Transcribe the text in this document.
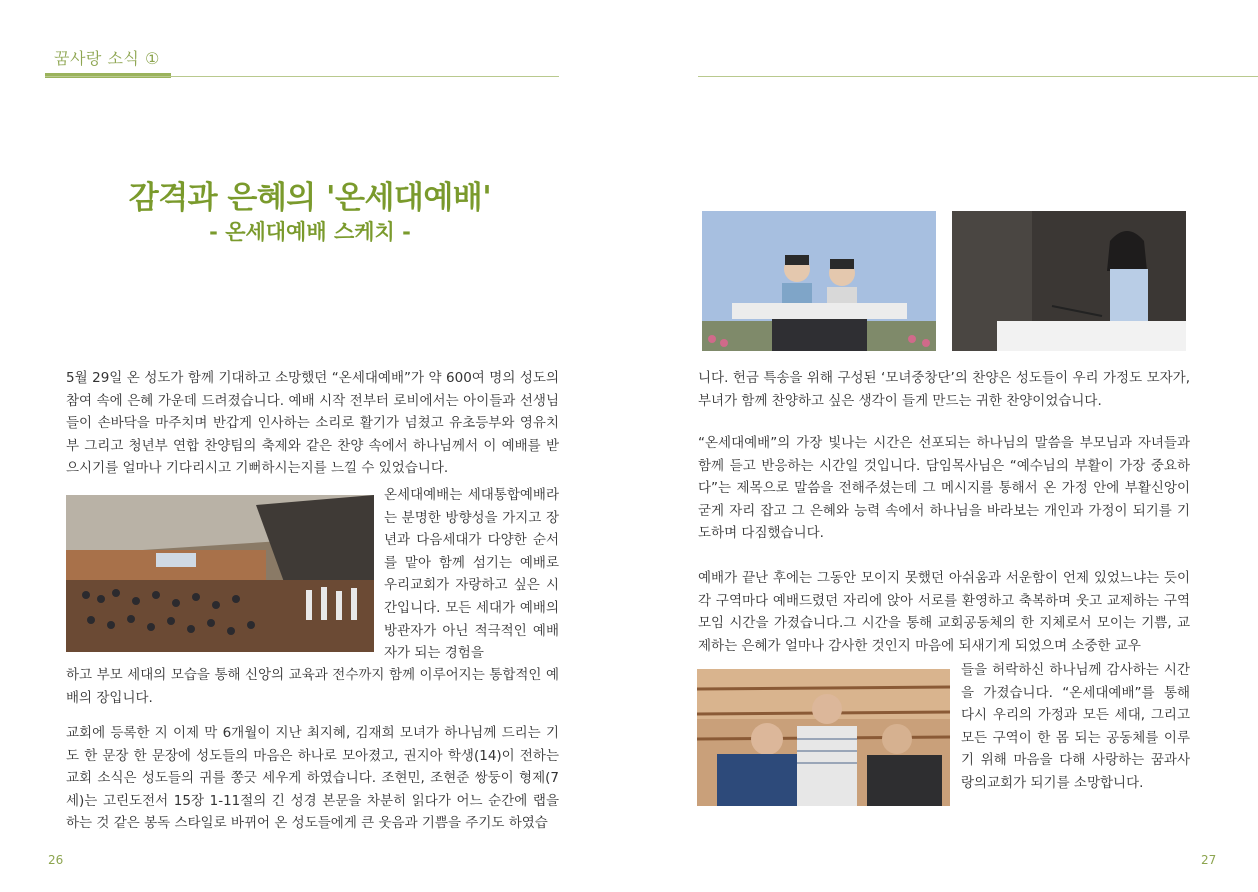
꿈사랑 소식 ①
감격과 은혜의 '온세대예배'
- 온세대예배 스케치 -

5월 29일 온 성도가 함께 기대하고 소망했던 “온세대예배”가 약 600여 명의 성도의 참여 속에 은혜 가운데 드려졌습니다. 예배 시작 전부터 로비에서는 아이들과 선생님들이 손바닥을 마주치며 반갑게 인사하는 소리로 활기가 넘쳤고 유초등부와 영유치부 그리고 청년부 연합 찬양팀의 축제와 같은 찬양 속에서 하나님께서 이 예배를 받으시기를 얼마나 기다리시고 기뻐하시는지를 느낄 수 있었습니다.

온세대예배는 세대통합예배라는 분명한 방향성을 가지고 장년과 다음세대가 다양한 순서를 맡아 함께 섬기는 예배로 우리교회가 자랑하고 싶은 시간입니다. 모든 세대가 예배의 방관자가 아닌 적극적인 예배자가 되는 경험을

하고 부모 세대의 모습을 통해 신앙의 교육과 전수까지 함께 이루어지는 통합적인 예배의 장입니다.

교회에 등록한 지 이제 막 6개월이 지난 최지혜, 김재희 모녀가 하나님께 드리는 기도 한 문장 한 문장에 성도들의 마음은 하나로 모아졌고, 권지아 학생(14)이 전하는 교회 소식은 성도들의 귀를 쫑긋 세우게 하였습니다. 조현민, 조현준 쌍둥이 형제(7세)는 고린도전서 15장 1-11절의 긴 성경 본문을 차분히 읽다가 어느 순간에 랩을 하는 것 같은 봉독 스타일로 바뀌어 온 성도들에게 큰 웃음과 기쁨을 주기도 하였습

니다. 헌금 특송을 위해 구성된 ‘모녀중창단’의 찬양은 성도들이 우리 가정도 모자가, 부녀가 함께 찬양하고 싶은 생각이 들게 만드는 귀한 찬양이었습니다.

“온세대예배”의 가장 빛나는 시간은 선포되는 하나님의 말씀을 부모님과 자녀들과 함께 듣고 반응하는 시간일 것입니다. 담임목사님은 “예수님의 부활이 가장 중요하다”는 제목으로 말씀을 전해주셨는데 그 메시지를 통해서 온 가정 안에 부활신앙이 굳게 자리 잡고 그 은혜와 능력 속에서 하나님을 바라보는 개인과 가정이 되기를 기도하며 다짐했습니다.

예배가 끝난 후에는 그동안 모이지 못했던 아쉬움과 서운함이 언제 있었느냐는 듯이 각 구역마다 예배드렸던 자리에 앉아 서로를 환영하고 축복하며 웃고 교제하는 구역모임 시간을 가졌습니다.그 시간을 통해 교회공동체의 한 지체로서 모이는 기쁨, 교제하는 은혜가 얼마나 감사한 것인지 마음에 되새기게 되었으며 소중한 교우

들을 허락하신 하나님께 감사하는 시간을 가졌습니다. “온세대예배”를 통해 다시 우리의 가정과 모든 세대, 그리고 모든 구역이 한 몸 되는 공동체를 이루기 위해 마음을 다해 사랑하는 꿈과사랑의교회가 되기를 소망합니다.

26	27
